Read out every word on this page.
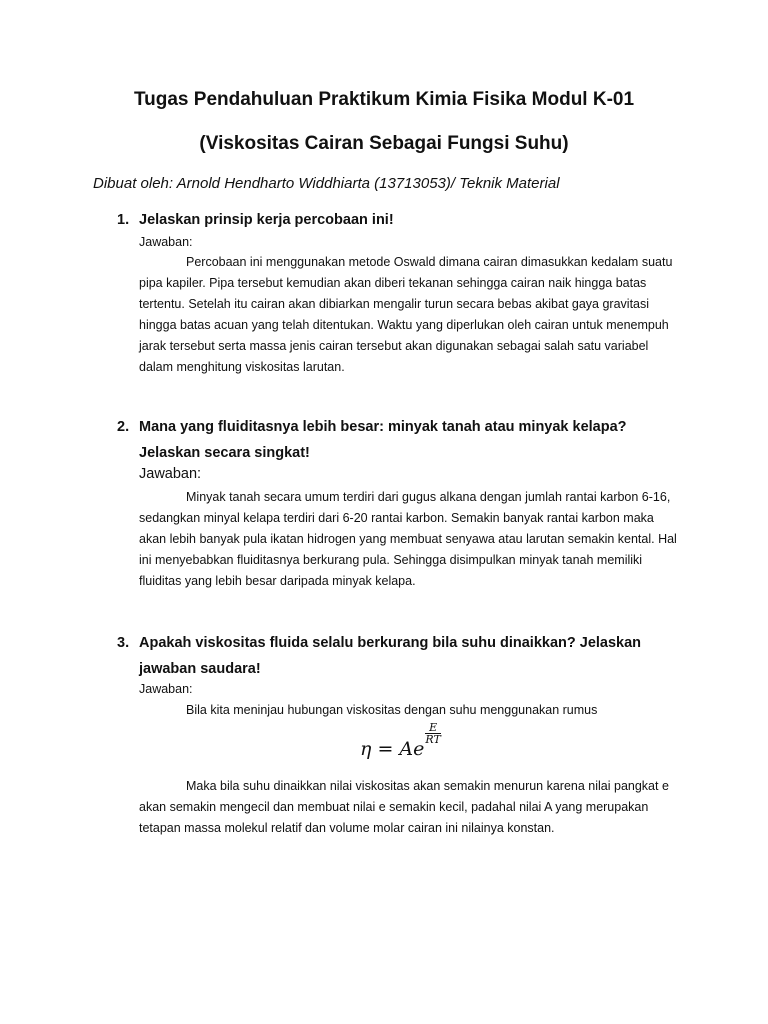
Tugas Pendahuluan Praktikum Kimia Fisika Modul K-01
(Viskositas Cairan Sebagai Fungsi Suhu)

Dibuat oleh: Arnold Hendharto Widdhiarta (13713053)/ Teknik Material

1. Jelaskan prinsip kerja percobaan ini!

Jawaban:

Percobaan ini menggunakan metode Oswald dimana cairan dimasukkan kedalam suatu pipa kapiler. Pipa tersebut kemudian akan diberi tekanan sehingga cairan naik hingga batas tertentu. Setelah itu cairan akan dibiarkan mengalir turun secara bebas akibat gaya gravitasi hingga batas acuan yang telah ditentukan. Waktu yang diperlukan oleh cairan untuk menempuh jarak tersebut serta massa jenis cairan tersebut akan digunakan sebagai salah satu variabel dalam menghitung viskositas larutan.

2. Mana yang fluiditasnya lebih besar: minyak tanah atau minyak kelapa?
Jelaskan secara singkat!

Jawaban:

Minyak tanah secara umum terdiri dari gugus alkana dengan jumlah rantai karbon 6-16, sedangkan minyal kelapa terdiri dari 6-20 rantai karbon. Semakin banyak rantai karbon maka akan lebih banyak pula ikatan hidrogen yang membuat senyawa atau larutan semakin kental. Hal ini menyebabkan fluiditasnya berkurang pula. Sehingga disimpulkan minyak tanah memiliki fluiditas yang lebih besar daripada minyak kelapa.

3. Apakah viskositas fluida selalu berkurang bila suhu dinaikkan? Jelaskan
jawaban saudara!

Jawaban:

Bila kita meninjau hubungan viskositas dengan suhu menggunakan rumus

η = Ae
$\frac{E}{RT}$

Maka bila suhu dinaikkan nilai viskositas akan semakin menurun karena nilai pangkat e akan semakin mengecil dan membuat nilai e semakin kecil, padahal nilai A yang merupakan tetapan massa molekul relatif dan volume molar cairan ini nilainya konstan.
